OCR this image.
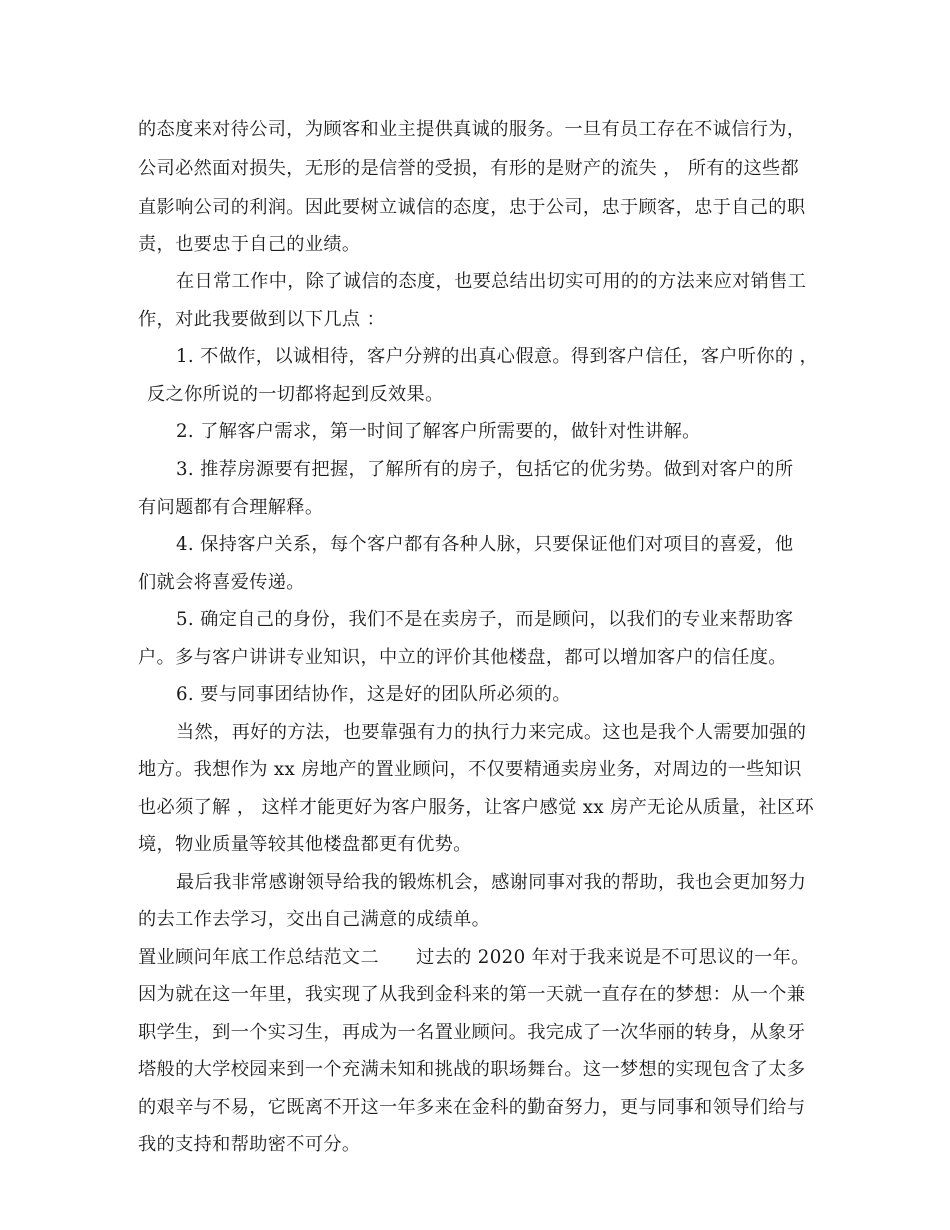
的态度来对待公司，为顾客和业主提供真诚的服务。一旦有员工存在不诚信行为，
公司必然面对损失，无形的是信誉的受损，有形的是财产的流失 ， 所有的这些都
直影响公司的利润。因此要树立诚信的态度，忠于公司，忠于顾客，忠于自己的职
责，也要忠于自己的业绩。
在日常工作中，除了诚信的态度，也要总结出切实可用的的方法来应对销售工
作，对此我要做到以下几点 ：
1. 不做作，以诚相待，客户分辨的出真心假意。得到客户信任，客户听你的 ，
反之你所说的一切都将起到反效果。
2. 了解客户需求，第一时间了解客户所需要的，做针对性讲解。
3. 推荐房源要有把握，了解所有的房子，包括它的优劣势。做到对客户的所
有问题都有合理解释。
4. 保持客户关系，每个客户都有各种人脉，只要保证他们对项目的喜爱，他
们就会将喜爱传递。
5. 确定自己的身份，我们不是在卖房子，而是顾问，以我们的专业来帮助客
户。多与客户讲讲专业知识，中立的评价其他楼盘，都可以增加客户的信任度。
6. 要与同事团结协作，这是好的团队所必须的。
当然，再好的方法，也要靠强有力的执行力来完成。这也是我个人需要加强的
地方。我想作为 xx 房地产的置业顾问，不仅要精通卖房业务，对周边的一些知识
也必须了解 ， 这样才能更好为客户服务，让客户感觉 xx 房产无论从质量，社区环
境，物业质量等较其他楼盘都更有优势。
最后我非常感谢领导给我的锻炼机会，感谢同事对我的帮助，我也会更加努力
的去工作去学习，交出自己满意的成绩单。
置业顾问年底工作总结范文二　　过去的 2020 年对于我来说是不可思议的一年。
因为就在这一年里，我实现了从我到金科来的第一天就一直存在的梦想：从一个兼
职学生，到一个实习生，再成为一名置业顾问。我完成了一次华丽的转身，从象牙
塔般的大学校园来到一个充满未知和挑战的职场舞台。这一梦想的实现包含了太多
的艰辛与不易，它既离不开这一年多来在金科的勤奋努力，更与同事和领导们给与
我的支持和帮助密不可分。
